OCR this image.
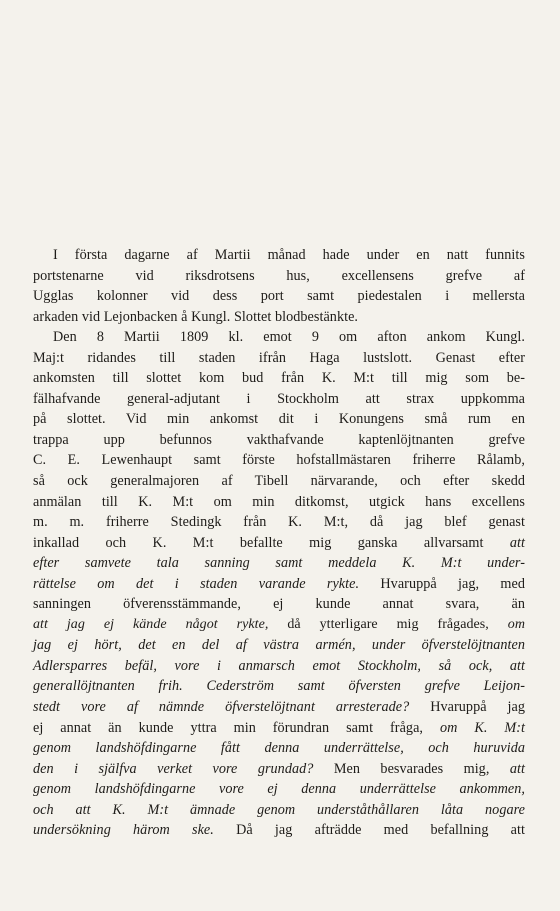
I första dagarne af Martii månad hade under en natt funnits
portstenarne vid riksdrotsens hus, excellensens grefve af
Ugglas kolonner vid dess port samt piedestalen i mellersta
arkaden vid Lejonbacken å Kungl. Slottet blodbestänkte.
Den 8 Martii 1809 kl. emot 9 om afton ankom Kungl.
Maj:t ridandes till staden ifrån Haga lustslott. Genast efter
ankomsten till slottet kom bud från K. M:t till mig som be-
fälhafvande general-adjutant i Stockholm att strax uppkomma
på slottet. Vid min ankomst dit i Konungens små rum en
trappa upp befunnos vakthafvande kaptenlöjtnanten grefve
C. E. Lewenhaupt samt förste hofstallmästaren friherre Rålamb,
så ock generalmajoren af Tibell närvarande, och efter skedd
anmälan till K. M:t om min ditkomst, utgick hans excellens
m. m. friherre Stedingk från K. M:t, då jag blef genast
inkallad och K. M:t befallte mig ganska allvarsamt att
efter samvete tala sanning samt meddela K. M:t under-
rättelse om det i staden varande rykte. Hvaruppå jag, med
sanningen öfverensstämmande, ej kunde annat svara, än
att jag ej kände något rykte, då ytterligare mig frågades, om
jag ej hört, det en del af västra armén, under öfverstelöjtnanten
Adlersparres befäl, vore i anmarsch emot Stockholm, så ock, att
generallöjtnanten frih. Cederström samt öfversten grefve Leijon-
stedt vore af nämnde öfverstelöjtnant arresterade? Hvaruppå jag
ej annat än kunde yttra min förundran samt fråga, om K. M:t
genom landshöfdingarne fått denna underrättelse, och huruvida
den i själfva verket vore grundad? Men besvarades mig, att
genom landshöfdingarne vore ej denna underrättelse ankommen,
och att K. M:t ämnade genom underståthållaren låta nogare
undersökning härom ske. Då jag afträdde med befallning att
